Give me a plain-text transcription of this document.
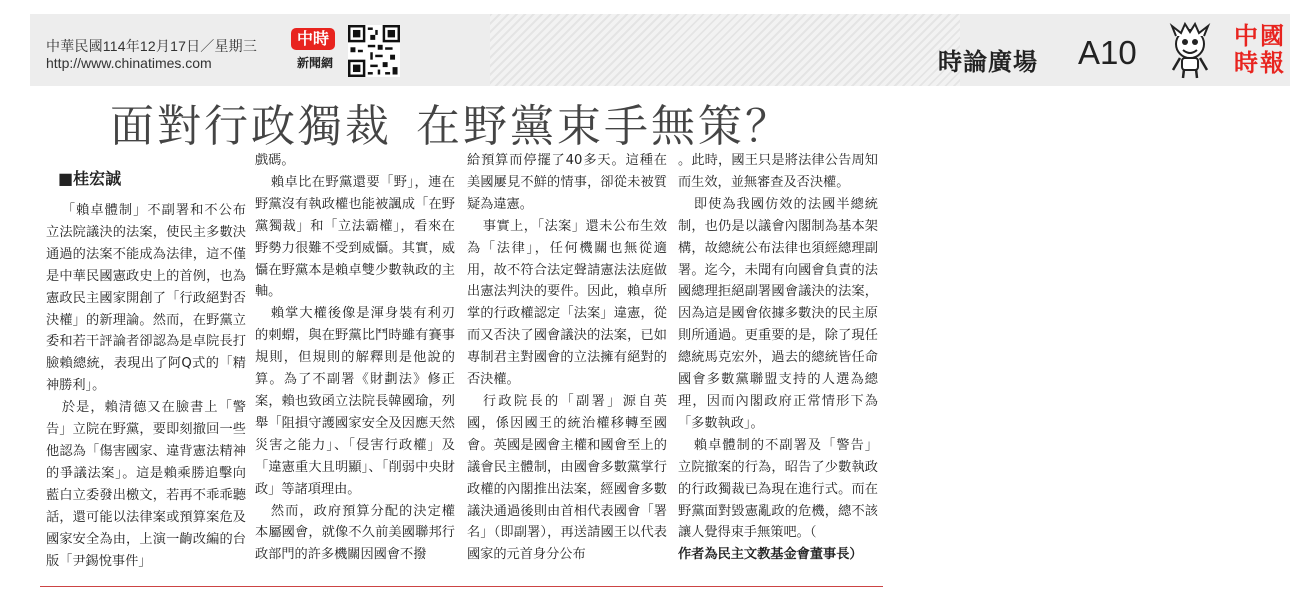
中華民國114年12月17日／星期三
http://www.chinatimes.com
中時
新聞網	時論廣場 A10	中國時報
面對行政獨裁 在野黨束手無策？
■桂宏誠

「賴卓體制」不副署和不公布立法院議決的法案，使民主多數決通過的法案不能成為法律，這不僅是中華民國憲政史上的首例，也為憲政民主國家開創了「行政絕對否決權」的新理論。然而，在野黨立委和若干評論者卻認為是卓院長打臉賴總統，表現出了阿Q式的「精神勝利」。

於是，賴清德又在臉書上「警告」立院在野黨，要即刻撤回一些他認為「傷害國家、違背憲法精神的爭議法案」。這是賴乘勝追擊向藍白立委發出檄文，若再不乖乖聽話，還可能以法律案或預算案危及國家安全為由，上演一齣改編的台版「尹錫悅事件」

戲碼。

賴卓比在野黨還要「野」，連在野黨沒有執政權也能被諷成「在野黨獨裁」和「立法霸權」，看來在野勢力很難不受到威懾。其實，威懾在野黨本是賴卓雙少數執政的主軸。

賴掌大權後像是渾身裝有利刃的刺蝟，與在野黨比鬥時雖有賽事規則，但規則的解釋則是他說的算。為了不副署《財劃法》修正案，賴也致函立法院長韓國瑜，列舉「阻損守護國家安全及因應天然災害之能力」、「侵害行政權」及「違憲重大且明顯」、「削弱中央財政」等諸項理由。

然而，政府預算分配的決定權本屬國會，就像不久前美國聯邦行政部門的許多機關因國會不撥

給預算而停擺了40多天。這種在美國屢見不鮮的情事，卻從未被質疑為違憲。

事實上，「法案」還未公布生效為「法律」，任何機關也無從適用，故不符合法定聲請憲法法庭做出憲法判決的要件。因此，賴卓所掌的行政權認定「法案」違憲，從而又否決了國會議決的法案，已如專制君主對國會的立法擁有絕對的否決權。

行政院長的「副署」源自英國，係因國王的統治權移轉至國會。英國是國會主權和國會至上的議會民主體制，由國會多數黨掌行政權的內閣推出法案，經國會多數議決通過後則由首相代表國會「署名」（即副署），再送請國王以代表國家的元首身分公布

。此時，國王只是將法律公告周知而生效，並無審查及否決權。

即使為我國仿效的法國半總統制，也仍是以議會內閣制為基本架構，故總統公布法律也須經總理副署。迄今，未聞有向國會負責的法國總理拒絕副署國會議決的法案，因為這是國會依據多數決的民主原則所通過。更重要的是，除了現任總統馬克宏外，過去的總統皆任命國會多數黨聯盟支持的人選為總理，因而內閣政府正常情形下為「多數執政」。

賴卓體制的不副署及「警告」立院撤案的行為，昭告了少數執政的行政獨裁已為現在進行式。而在野黨面對毀憲亂政的危機，總不該讓人覺得束手無策吧。（

作者為民主文教基金會董事長）
